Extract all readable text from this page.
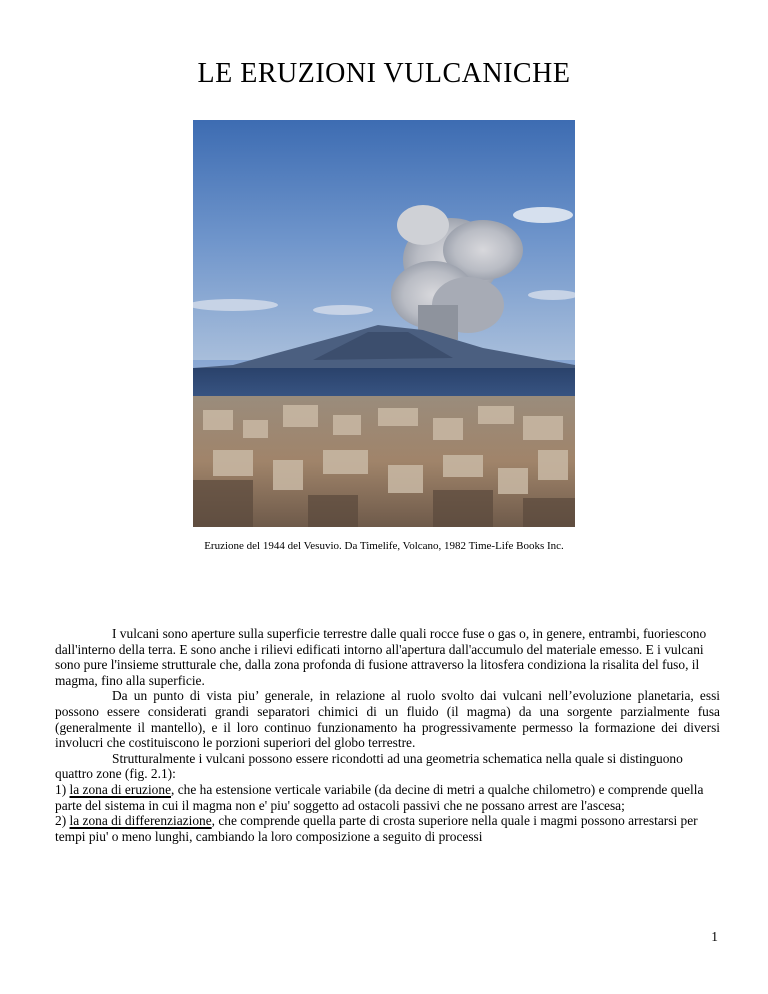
LE ERUZIONI VULCANICHE
Eruzione del 1944 del Vesuvio. Da Timelife, Volcano, 1982 Time-Life Books Inc.

I vulcani sono aperture sulla superficie terrestre dalle quali rocce fuse o gas o, in genere, entrambi, fuoriescono dall'interno della terra. E sono anche i rilievi edificati intorno all'apertura dall'accumulo del materiale emesso. E i vulcani sono pure l'insieme strutturale che, dalla zona profonda di fusione attraverso la litosfera condiziona la risalita del fuso, il magma, fino alla superficie.

Da un punto di vista piu’ generale, in relazione al ruolo svolto dai vulcani nell’evoluzione planetaria, essi possono essere considerati grandi separatori chimici di un fluido (il magma) da una sorgente parzialmente fusa (generalmente il mantello), e il loro continuo funzionamento ha progressivamente permesso la formazione dei diversi involucri che costituiscono le porzioni superiori del globo terrestre.

Strutturalmente i vulcani possono essere ricondotti ad una geometria schematica nella quale si distinguono quattro zone (fig. 2.1):

1) la zona di eruzione, che ha estensione verticale variabile (da decine di metri a qualche chilometro) e comprende quella parte del sistema in cui il magma non e' piu' soggetto ad ostacoli passivi che ne possano arrest are l'ascesa;

2) la zona di differenziazione, che comprende quella parte di crosta superiore nella quale i magmi possono arrestarsi per tempi piu' o meno lunghi, cambiando la loro composizione a seguito di processi

1
